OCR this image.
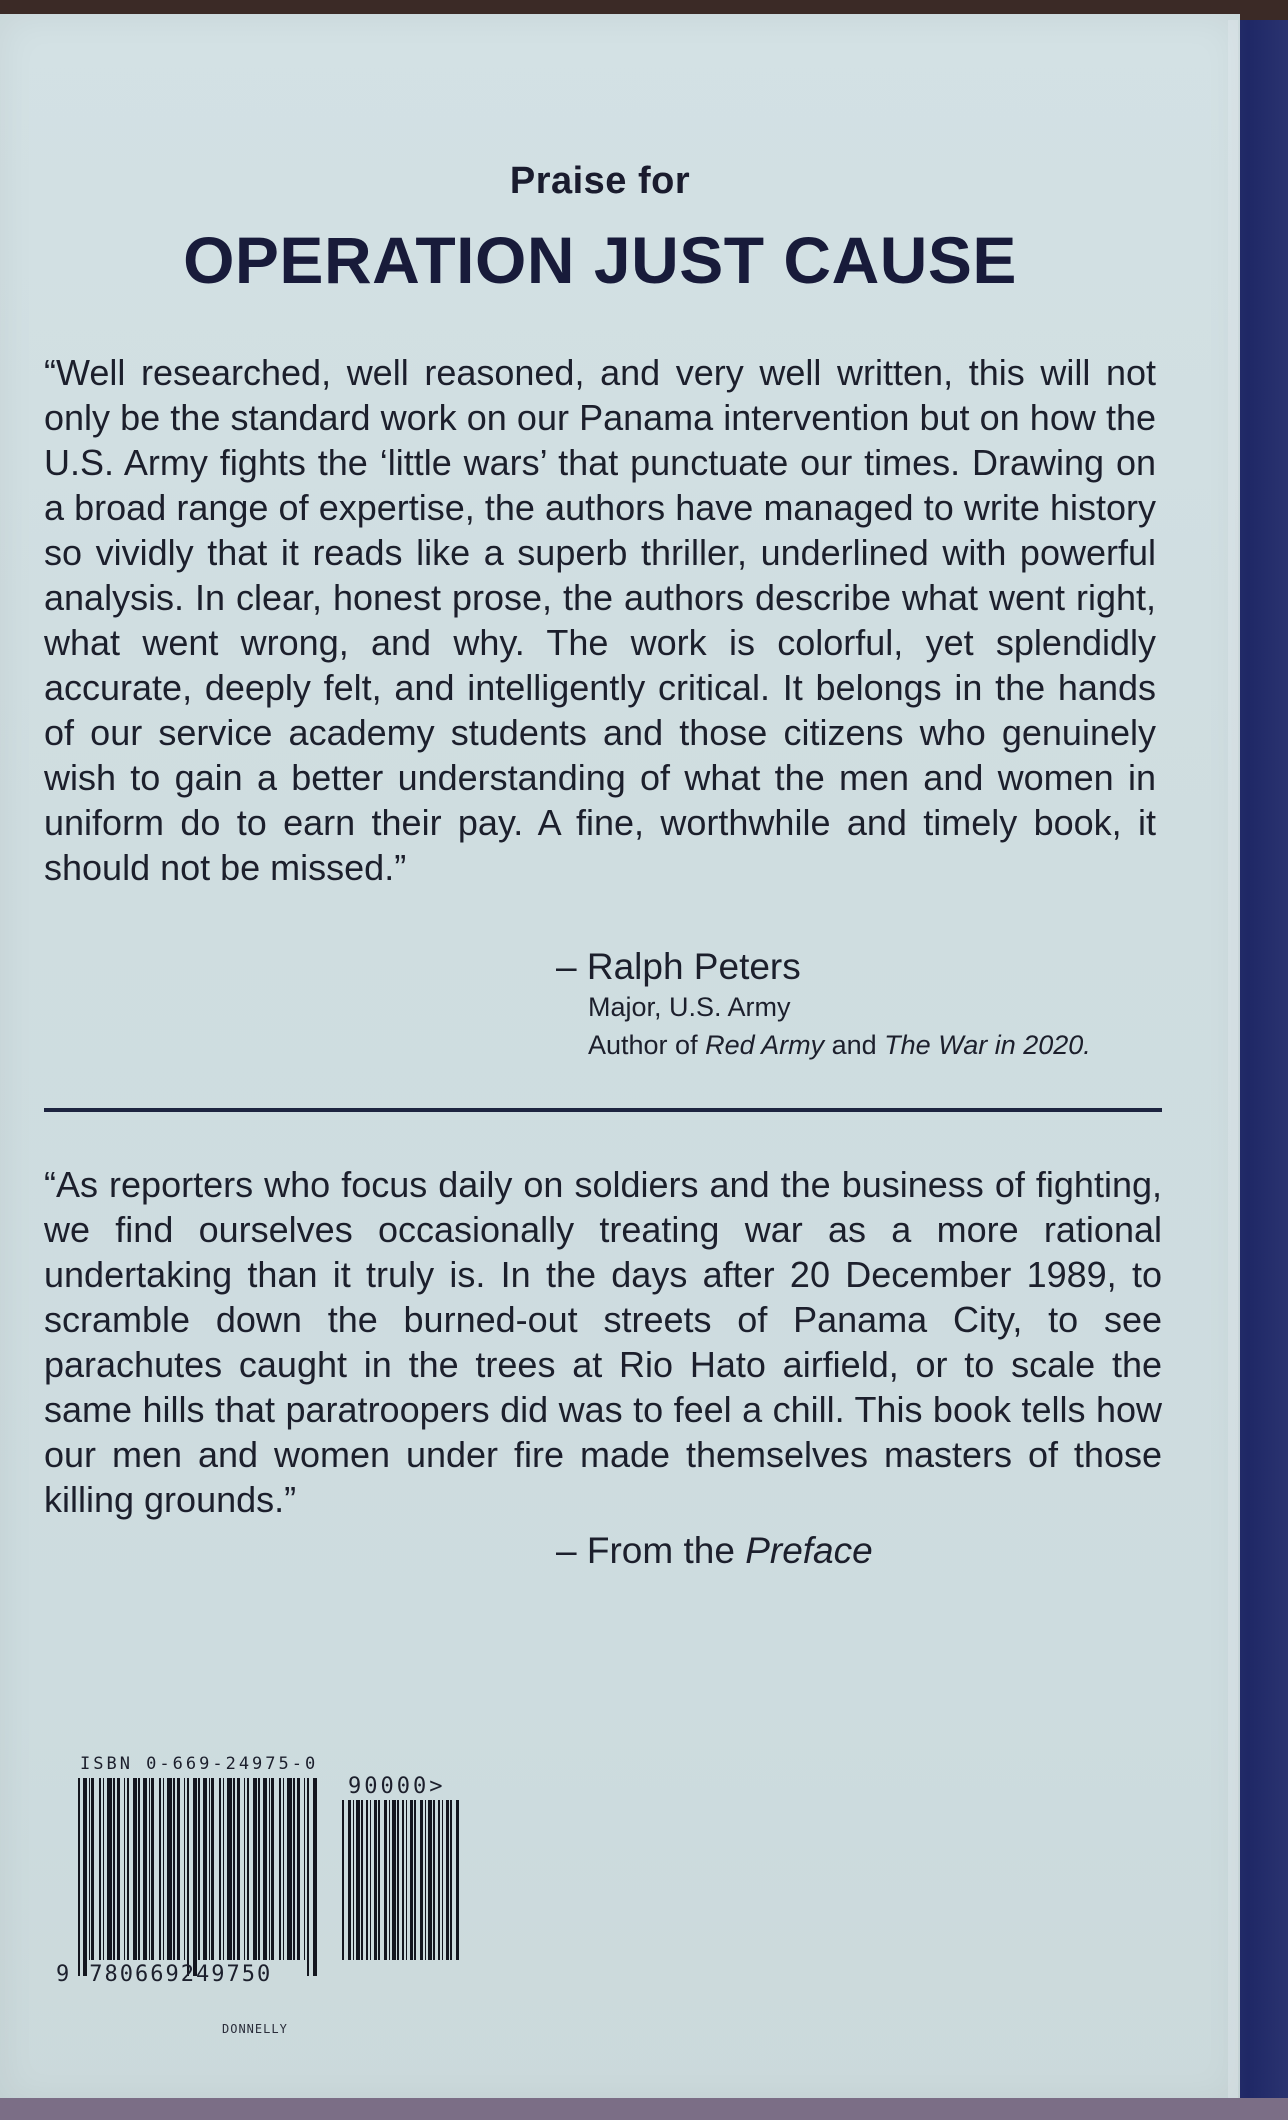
Praise for
OPERATION JUST CAUSE
“Well researched, well reasoned, and very well written, this will not only be the standard work on our Panama intervention but on how the U.S. Army fights the ‘little wars’ that punctuate our times. Drawing on a broad range of expertise, the authors have managed to write history so vividly that it reads like a superb thriller, underlined with powerful analysis. In clear, honest prose, the authors describe what went right, what went wrong, and why. The work is colorful, yet splendidly accurate, deeply felt, and intelligently critical. It belongs in the hands of our service academy students and those citizens who genuinely wish to gain a better understanding of what the men and women in uniform do to earn their pay. A fine, worthwhile and timely book, it should not be missed.”
– Ralph Peters
Major, U.S. Army
Author of Red Army and The War in 2020.
“As reporters who focus daily on soldiers and the business of fighting, we find ourselves occasionally treating war as a more rational undertaking than it truly is. In the days after 20 December 1989, to scramble down the burned-out streets of Panama City, to see parachutes caught in the trees at Rio Hato airfield, or to scale the same hills that paratroopers did was to feel a chill. This book tells how our men and women under fire made themselves masters of those killing grounds.”
– From the Preface
ISBN 0-669-24975-0
90000>
9 780669249750
DONNELLY
